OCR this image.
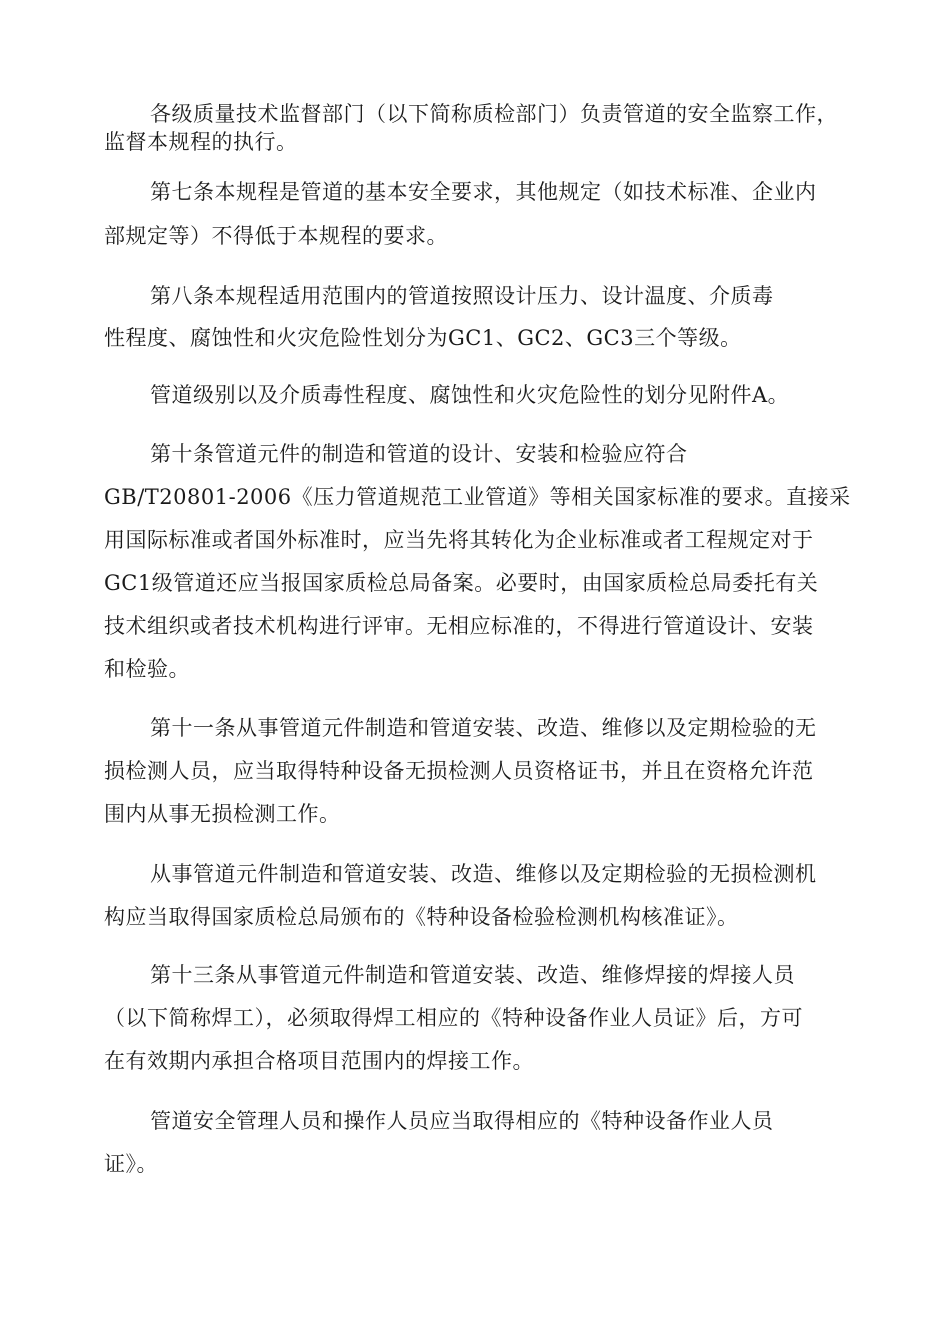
各级质量技术监督部门（以下简称质检部门）负责管道的安全监察工作，
监督本规程的执行。
第七条本规程是管道的基本安全要求，其他规定（如技术标准、企业内
部规定等）不得低于本规程的要求。
第八条本规程适用范围内的管道按照设计压力、设计温度、介质毒
性程度、腐蚀性和火灾危险性划分为GC1、GC2、GC3三个等级。
管道级别以及介质毒性程度、腐蚀性和火灾危险性的划分见附件A。
第十条管道元件的制造和管道的设计、安装和检验应符合
GB/T20801-2006《压力管道规范工业管道》等相关国家标准的要求。直接采
用国际标准或者国外标准时，应当先将其转化为企业标准或者工程规定对于
GC1级管道还应当报国家质检总局备案。必要时，由国家质检总局委托有关
技术组织或者技术机构进行评审。无相应标准的，不得进行管道设计、安装
和检验。
第十一条从事管道元件制造和管道安装、改造、维修以及定期检验的无
损检测人员，应当取得特种设备无损检测人员资格证书，并且在资格允许范
围内从事无损检测工作。
从事管道元件制造和管道安装、改造、维修以及定期检验的无损检测机
构应当取得国家质检总局颁布的《特种设备检验检测机构核准证》。
第十三条从事管道元件制造和管道安装、改造、维修焊接的焊接人员
（以下简称焊工），必须取得焊工相应的《特种设备作业人员证》后，方可
在有效期内承担合格项目范围内的焊接工作。
管道安全管理人员和操作人员应当取得相应的《特种设备作业人员
证》。
